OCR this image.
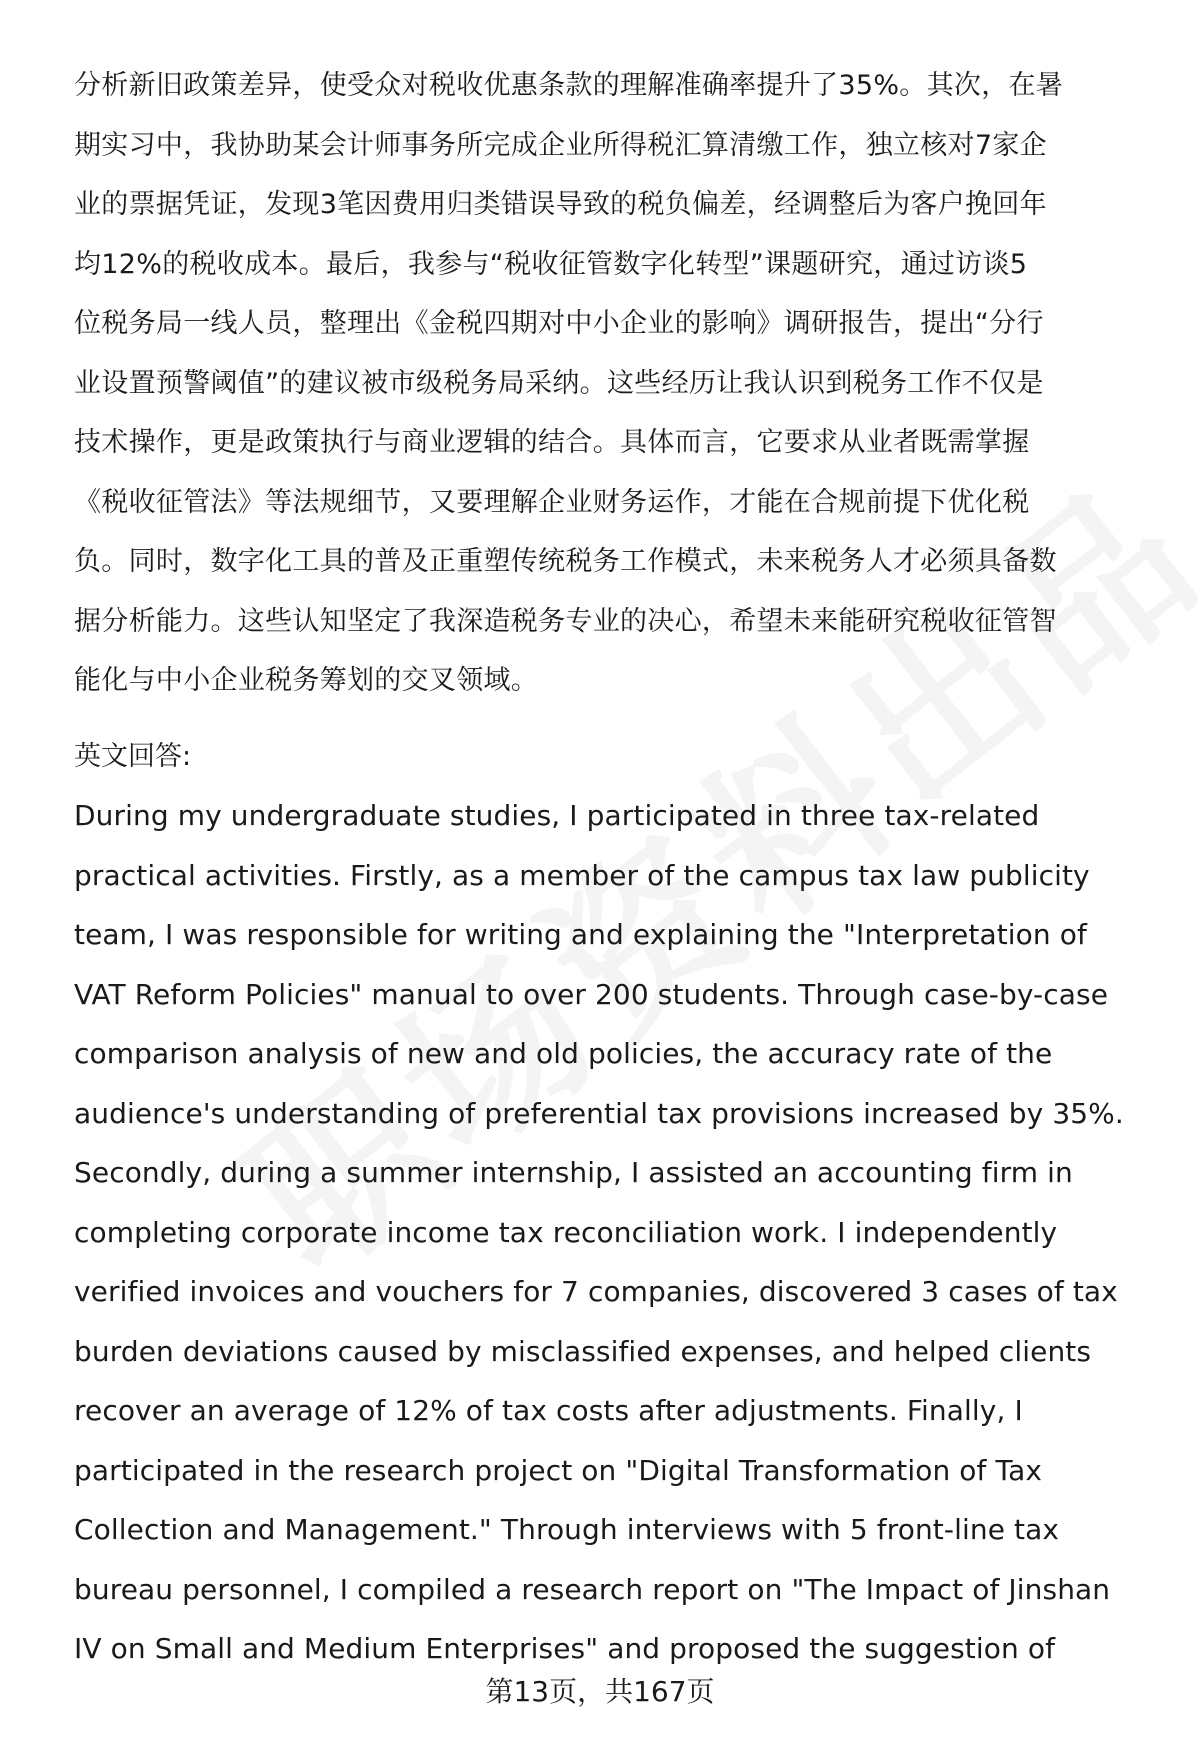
分析新旧政策差异，使受众对税收优惠条款的理解准确率提升了35%。其次，在暑
期实习中，我协助某会计师事务所完成企业所得税汇算清缴工作，独立核对7家企
业的票据凭证，发现3笔因费用归类错误导致的税负偏差，经调整后为客户挽回年
均12%的税收成本。最后，我参与“税收征管数字化转型”课题研究，通过访谈5
位税务局一线人员，整理出《金税四期对中小企业的影响》调研报告，提出“分行
业设置预警阈值”的建议被市级税务局采纳。这些经历让我认识到税务工作不仅是
技术操作，更是政策执行与商业逻辑的结合。具体而言，它要求从业者既需掌握
《税收征管法》等法规细节，又要理解企业财务运作，才能在合规前提下优化税
负。同时，数字化工具的普及正重塑传统税务工作模式，未来税务人才必须具备数
据分析能力。这些认知坚定了我深造税务专业的决心，希望未来能研究税收征管智
能化与中小企业税务筹划的交叉领域。
英文回答:
During my undergraduate studies, I participated in three tax-related
practical activities. Firstly, as a member of the campus tax law publicity
team, I was responsible for writing and explaining the "Interpretation of
VAT Reform Policies" manual to over 200 students. Through case-by-case
comparison analysis of new and old policies, the accuracy rate of the
audience's understanding of preferential tax provisions increased by 35%.
Secondly, during a summer internship, I assisted an accounting firm in
completing corporate income tax reconciliation work. I independently
verified invoices and vouchers for 7 companies, discovered 3 cases of tax
burden deviations caused by misclassified expenses, and helped clients
recover an average of 12% of tax costs after adjustments. Finally, I
participated in the research project on "Digital Transformation of Tax
Collection and Management." Through interviews with 5 front-line tax
bureau personnel, I compiled a research report on "The Impact of Jinshan
IV on Small and Medium Enterprises" and proposed the suggestion of
第13页，共167页
